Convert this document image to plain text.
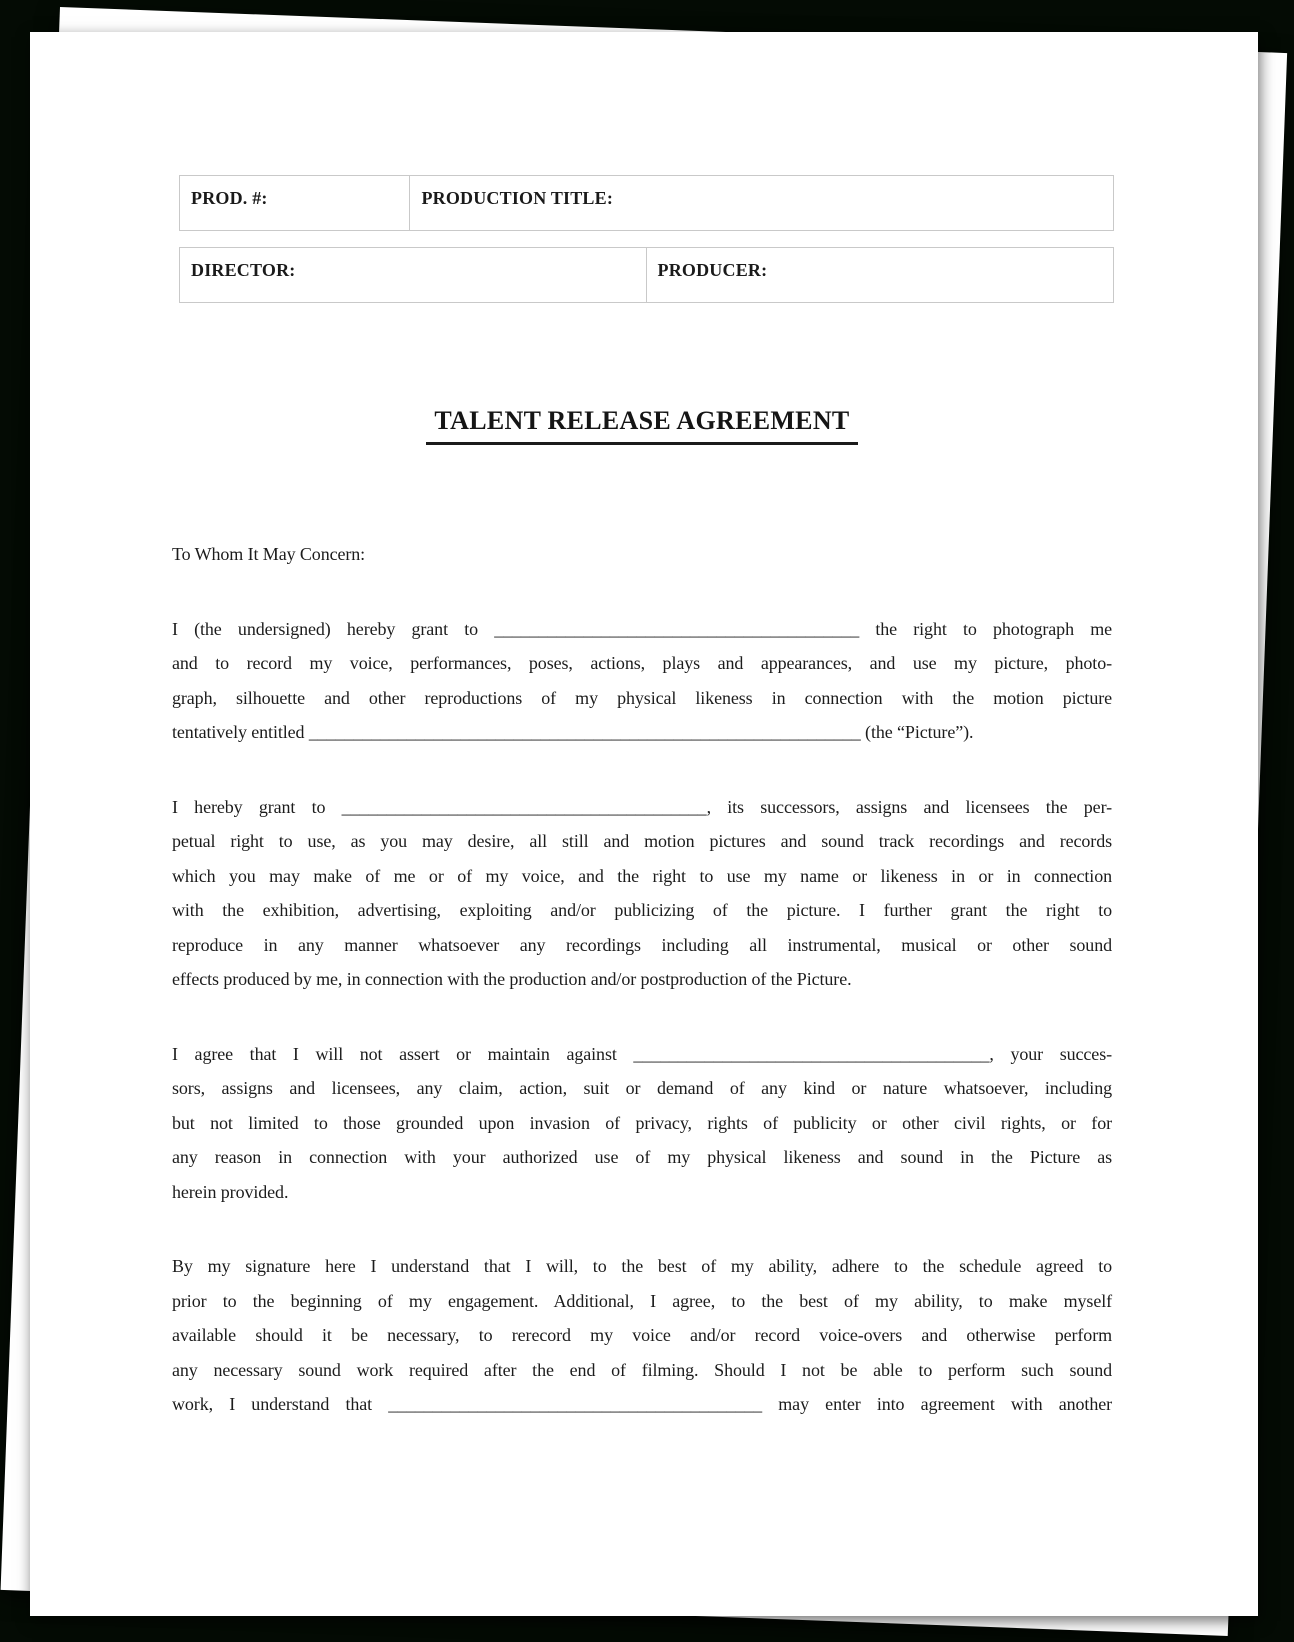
PROD. #:	PRODUCTION TITLE:
DIRECTOR:	PRODUCER:
TALENT RELEASE AGREEMENT
To Whom It May Concern:
I (the undersigned) hereby grant to _________________________________________ the right to photograph me
and to record my voice, performances, poses, actions, plays and appearances, and use my picture, photo-
graph, silhouette and other reproductions of my physical likeness in connection with the motion picture
tentatively entitled ______________________________________________________________ (the “Picture”).
I hereby grant to _________________________________________, its successors, assigns and licensees the per-
petual right to use, as you may desire, all still and motion pictures and sound track recordings and records
which you may make of me or of my voice, and the right to use my name or likeness in or in connection
with the exhibition, advertising, exploiting and/or publicizing of the picture. I further grant the right to
reproduce in any manner whatsoever any recordings including all instrumental, musical or other sound
effects produced by me, in connection with the production and/or postproduction of the Picture.
I agree that I will not assert or maintain against ________________________________________, your succes-
sors, assigns and licensees, any claim, action, suit or demand of any kind or nature whatsoever, including
but not limited to those grounded upon invasion of privacy, rights of publicity or other civil rights, or for
any reason in connection with your authorized use of my physical likeness and sound in the Picture as
herein provided.
By my signature here I understand that I will, to the best of my ability, adhere to the schedule agreed to
prior to the beginning of my engagement. Additional, I agree, to the best of my ability, to make myself
available should it be necessary, to rerecord my voice and/or record voice-overs and otherwise perform
any necessary sound work required after the end of filming. Should I not be able to perform such sound
work, I understand that __________________________________________ may enter into agreement with another
